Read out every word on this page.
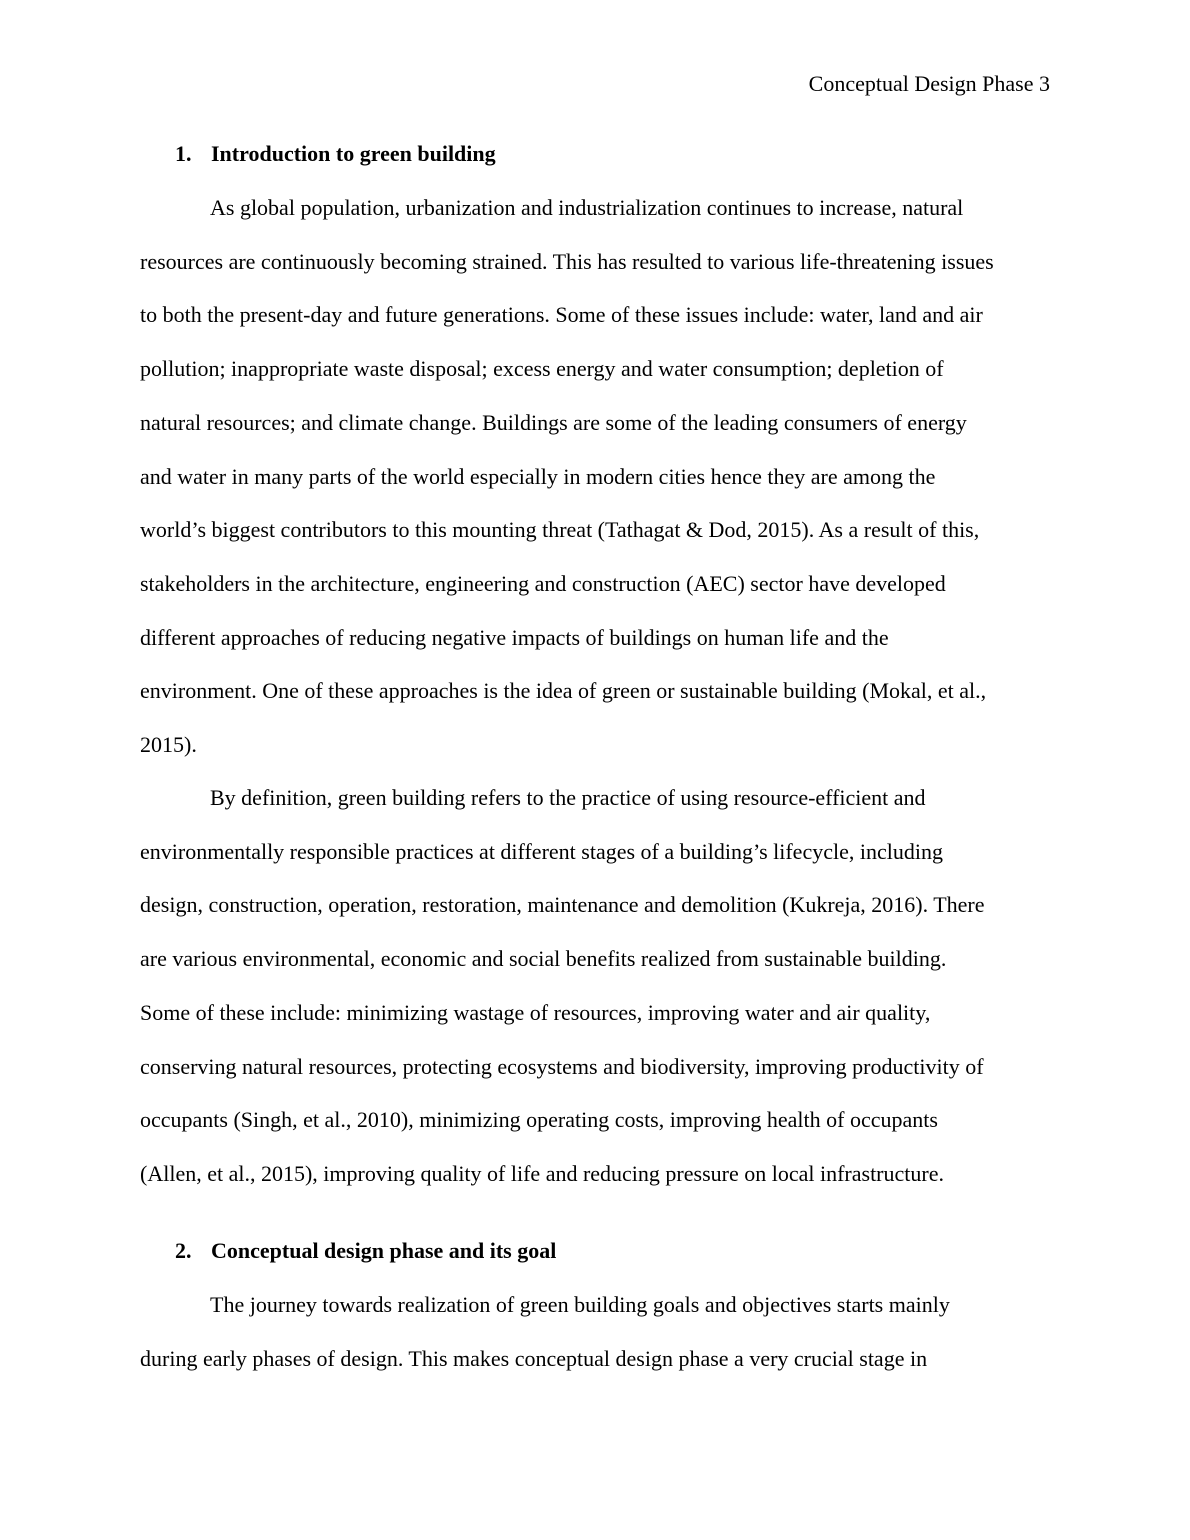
Conceptual Design Phase 3
1. Introduction to green building
As global population, urbanization and industrialization continues to increase, natural
resources are continuously becoming strained. This has resulted to various life-threatening issues
to both the present-day and future generations. Some of these issues include: water, land and air
pollution; inappropriate waste disposal; excess energy and water consumption; depletion of
natural resources; and climate change. Buildings are some of the leading consumers of energy
and water in many parts of the world especially in modern cities hence they are among the
world’s biggest contributors to this mounting threat (Tathagat & Dod, 2015). As a result of this,
stakeholders in the architecture, engineering and construction (AEC) sector have developed
different approaches of reducing negative impacts of buildings on human life and the
environment. One of these approaches is the idea of green or sustainable building (Mokal, et al.,
2015).
By definition, green building refers to the practice of using resource-efficient and
environmentally responsible practices at different stages of a building’s lifecycle, including
design, construction, operation, restoration, maintenance and demolition (Kukreja, 2016). There
are various environmental, economic and social benefits realized from sustainable building.
Some of these include: minimizing wastage of resources, improving water and air quality,
conserving natural resources, protecting ecosystems and biodiversity, improving productivity of
occupants (Singh, et al., 2010), minimizing operating costs, improving health of occupants
(Allen, et al., 2015), improving quality of life and reducing pressure on local infrastructure.
2. Conceptual design phase and its goal
The journey towards realization of green building goals and objectives starts mainly
during early phases of design. This makes conceptual design phase a very crucial stage in
